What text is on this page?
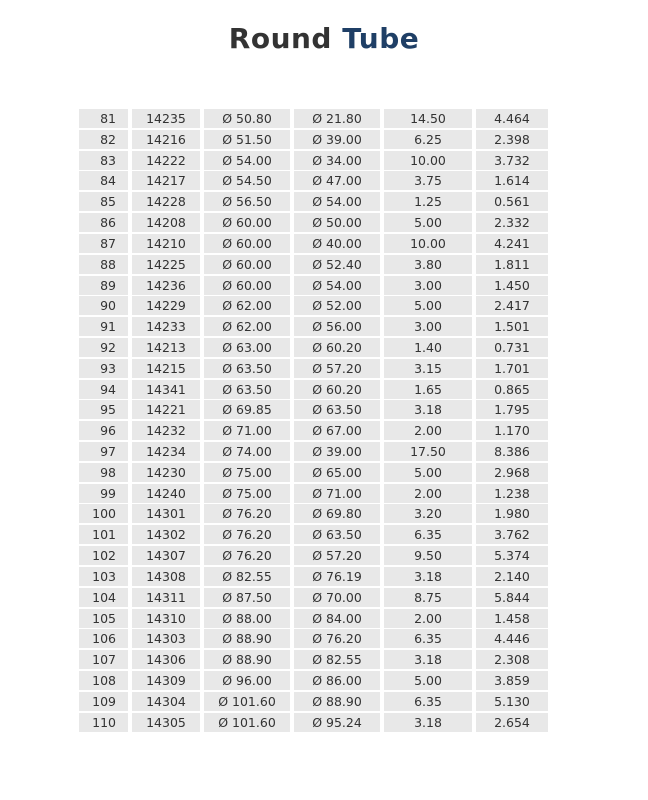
Round Tube
81	14235	Ø 50.80	Ø 21.80	14.50	4.464
82	14216	Ø 51.50	Ø 39.00	6.25	2.398
83	14222	Ø 54.00	Ø 34.00	10.00	3.732
84	14217	Ø 54.50	Ø 47.00	3.75	1.614
85	14228	Ø 56.50	Ø 54.00	1.25	0.561
86	14208	Ø 60.00	Ø 50.00	5.00	2.332
87	14210	Ø 60.00	Ø 40.00	10.00	4.241
88	14225	Ø 60.00	Ø 52.40	3.80	1.811
89	14236	Ø 60.00	Ø 54.00	3.00	1.450
90	14229	Ø 62.00	Ø 52.00	5.00	2.417
91	14233	Ø 62.00	Ø 56.00	3.00	1.501
92	14213	Ø 63.00	Ø 60.20	1.40	0.731
93	14215	Ø 63.50	Ø 57.20	3.15	1.701
94	14341	Ø 63.50	Ø 60.20	1.65	0.865
95	14221	Ø 69.85	Ø 63.50	3.18	1.795
96	14232	Ø 71.00	Ø 67.00	2.00	1.170
97	14234	Ø 74.00	Ø 39.00	17.50	8.386
98	14230	Ø 75.00	Ø 65.00	5.00	2.968
99	14240	Ø 75.00	Ø 71.00	2.00	1.238
100	14301	Ø 76.20	Ø 69.80	3.20	1.980
101	14302	Ø 76.20	Ø 63.50	6.35	3.762
102	14307	Ø 76.20	Ø 57.20	9.50	5.374
103	14308	Ø 82.55	Ø 76.19	3.18	2.140
104	14311	Ø 87.50	Ø 70.00	8.75	5.844
105	14310	Ø 88.00	Ø 84.00	2.00	1.458
106	14303	Ø 88.90	Ø 76.20	6.35	4.446
107	14306	Ø 88.90	Ø 82.55	3.18	2.308
108	14309	Ø 96.00	Ø 86.00	5.00	3.859
109	14304	Ø 101.60	Ø 88.90	6.35	5.130
110	14305	Ø 101.60	Ø 95.24	3.18	2.654
